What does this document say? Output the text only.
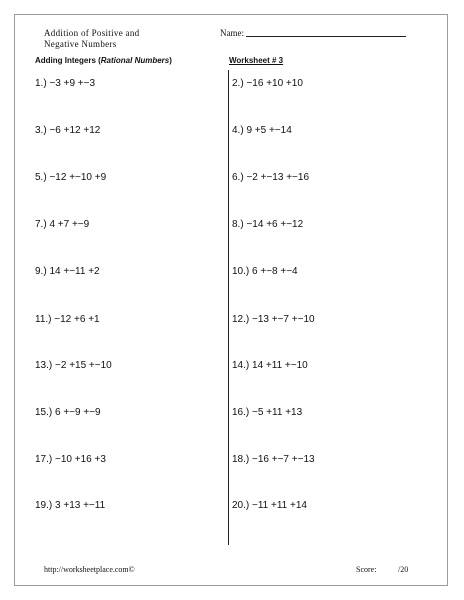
Addition of Positive and
Negative Numbers
Name:
Adding Integers (Rational Numbers)	Worksheet # 3
1.) −3 +9 +−3
3.) −6 +12 +12
5.) −12 +−10 +9
7.) 4 +7 +−9
9.) 14 +−11 +2
11.) −12 +6 +1
13.) −2 +15 +−10
15.) 6 +−9 +−9
17.) −10 +16 +3
19.) 3 +13 +−11
2.) −16 +10 +10
4.) 9 +5 +−14
6.) −2 +−13 +−16
8.) −14 +6 +−12
10.) 6 +−8 +−4
12.) −13 +−7 +−10
14.) 14 +11 +−10
16.) −5 +11 +13
18.) −16 +−7 +−13
20.) −11 +11 +14
http://worksheetplace.com©	Score:	/20
